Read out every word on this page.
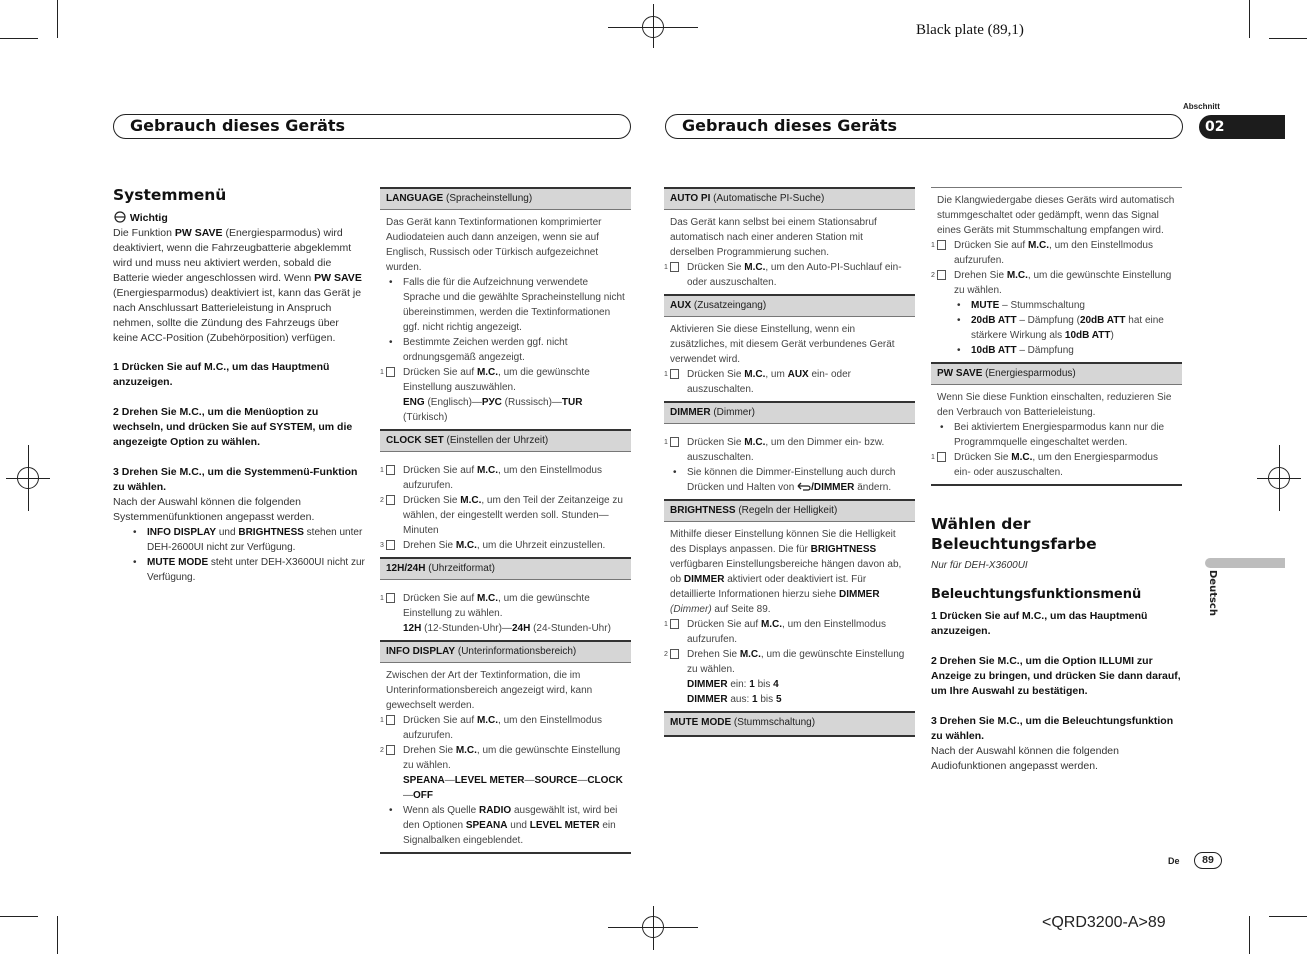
Black plate (89,1)
Gebrauch dieses Geräts	Gebrauch dieses Geräts
Abschnitt
02
Deutsch
Systemmenü
Wichtig

Die Funktion PW SAVE (Energiesparmodus) wird deaktiviert, wenn die Fahrzeugbatterie abgeklemmt wird und muss neu aktiviert werden, sobald die Batterie wieder angeschlossen wird. Wenn PW SAVE (Energiesparmodus) deaktiviert ist, kann das Gerät je nach Anschlussart Batterieleistung in Anspruch nehmen, sollte die Zündung des Fahrzeugs über keine ACC-Position (Zubehörposition) verfügen.

1 Drücken Sie auf M.C., um das Hauptmenü anzuzeigen.
2 Drehen Sie M.C., um die Menüoption zu wechseln, und drücken Sie auf SYSTEM, um die angezeigte Option zu wählen.
3 Drehen Sie M.C., um die Systemmenü-Funktion zu wählen.

Nach der Auswahl können die folgenden Systemmenüfunktionen angepasst werden.

• INFO DISPLAY und BRIGHTNESS stehen unter DEH-2600UI nicht zur Verfügung.
• MUTE MODE steht unter DEH-X3600UI nicht zur Verfügung.
LANGUAGE (Spracheinstellung)

Das Gerät kann Textinformationen komprimierter Audiodateien auch dann anzeigen, wenn sie auf Englisch, Russisch oder Türkisch aufgezeichnet wurden.

• Falls die für die Aufzeichnung verwendete Sprache und die gewählte Spracheinstellung nicht übereinstimmen, werden die Textinformationen ggf. nicht richtig angezeigt.
• Bestimmte Zeichen werden ggf. nicht ordnungsgemäß angezeigt.
1 Drücken Sie auf M.C., um die gewünschte Einstellung auszuwählen.
ENG (Englisch)—РУС (Russisch)—TUR (Türkisch)
CLOCK SET (Einstellen der Uhrzeit)
1 Drücken Sie auf M.C., um den Einstellmodus aufzurufen.
2 Drücken Sie M.C., um den Teil der Zeitanzeige zu wählen, der eingestellt werden soll. Stunden—Minuten
3 Drehen Sie M.C., um die Uhrzeit einzustellen.
12H/24H (Uhrzeitformat)
1 Drücken Sie auf M.C., um die gewünschte Einstellung zu wählen.
12H (12-Stunden-Uhr)—24H (24-Stunden-Uhr)
INFO DISPLAY (Unterinformationsbereich)

Zwischen der Art der Textinformation, die im Unterinformationsbereich angezeigt wird, kann gewechselt werden.

1 Drücken Sie auf M.C., um den Einstellmodus aufzurufen.
2 Drehen Sie M.C., um die gewünschte Einstellung zu wählen.
SPEANA—LEVEL METER—SOURCE—CLOCK—OFF
• Wenn als Quelle RADIO ausgewählt ist, wird bei den Optionen SPEANA und LEVEL METER ein Signalbalken eingeblendet.
AUTO PI (Automatische PI-Suche)

Das Gerät kann selbst bei einem Stationsabruf automatisch nach einer anderen Station mit derselben Programmierung suchen.

1 Drücken Sie M.C., um den Auto-PI-Suchlauf ein- oder auszuschalten.
AUX (Zusatzeingang)

Aktivieren Sie diese Einstellung, wenn ein zusätzliches, mit diesem Gerät verbundenes Gerät verwendet wird.

1 Drücken Sie M.C., um AUX ein- oder auszuschalten.
DIMMER (Dimmer)
1 Drücken Sie M.C., um den Dimmer ein- bzw. auszuschalten.
• Sie können die Dimmer-Einstellung auch durch Drücken und Halten von /DIMMER ändern.
BRIGHTNESS (Regeln der Helligkeit)

Mithilfe dieser Einstellung können Sie die Helligkeit des Displays anpassen. Die für BRIGHTNESS verfügbaren Einstellungsbereiche hängen davon ab, ob DIMMER aktiviert oder deaktiviert ist. Für detaillierte Informationen hierzu siehe DIMMER (Dimmer) auf Seite 89.

1 Drücken Sie auf M.C., um den Einstellmodus aufzurufen.
2 Drehen Sie M.C., um die gewünschte Einstellung zu wählen.
DIMMER ein: 1 bis 4
DIMMER aus: 1 bis 5
MUTE MODE (Stummschaltung)

Die Klangwiedergabe dieses Geräts wird automatisch stummgeschaltet oder gedämpft, wenn das Signal eines Geräts mit Stummschaltung empfangen wird.

1 Drücken Sie auf M.C., um den Einstellmodus aufzurufen.
2 Drehen Sie M.C., um die gewünschte Einstellung zu wählen.
• MUTE – Stummschaltung
• 20dB ATT – Dämpfung (20dB ATT hat eine stärkere Wirkung als 10dB ATT)
• 10dB ATT – Dämpfung
PW SAVE (Energiesparmodus)

Wenn Sie diese Funktion einschalten, reduzieren Sie den Verbrauch von Batterieleistung.

• Bei aktiviertem Energiesparmodus kann nur die Programmquelle eingeschaltet werden.
1 Drücken Sie M.C., um den Energiesparmodus ein- oder auszuschalten.
Wählen der Beleuchtungsfarbe

Nur für DEH-X3600UI

Beleuchtungsfunktionsmenü
1 Drücken Sie auf M.C., um das Hauptmenü anzuzeigen.
2 Drehen Sie M.C., um die Option ILLUMI zur Anzeige zu bringen, und drücken Sie dann darauf, um Ihre Auswahl zu bestätigen.
3 Drehen Sie M.C., um die Beleuchtungsfunktion zu wählen.

Nach der Auswahl können die folgenden Audiofunktionen angepasst werden.

De	89
<QRD3200-A>89
